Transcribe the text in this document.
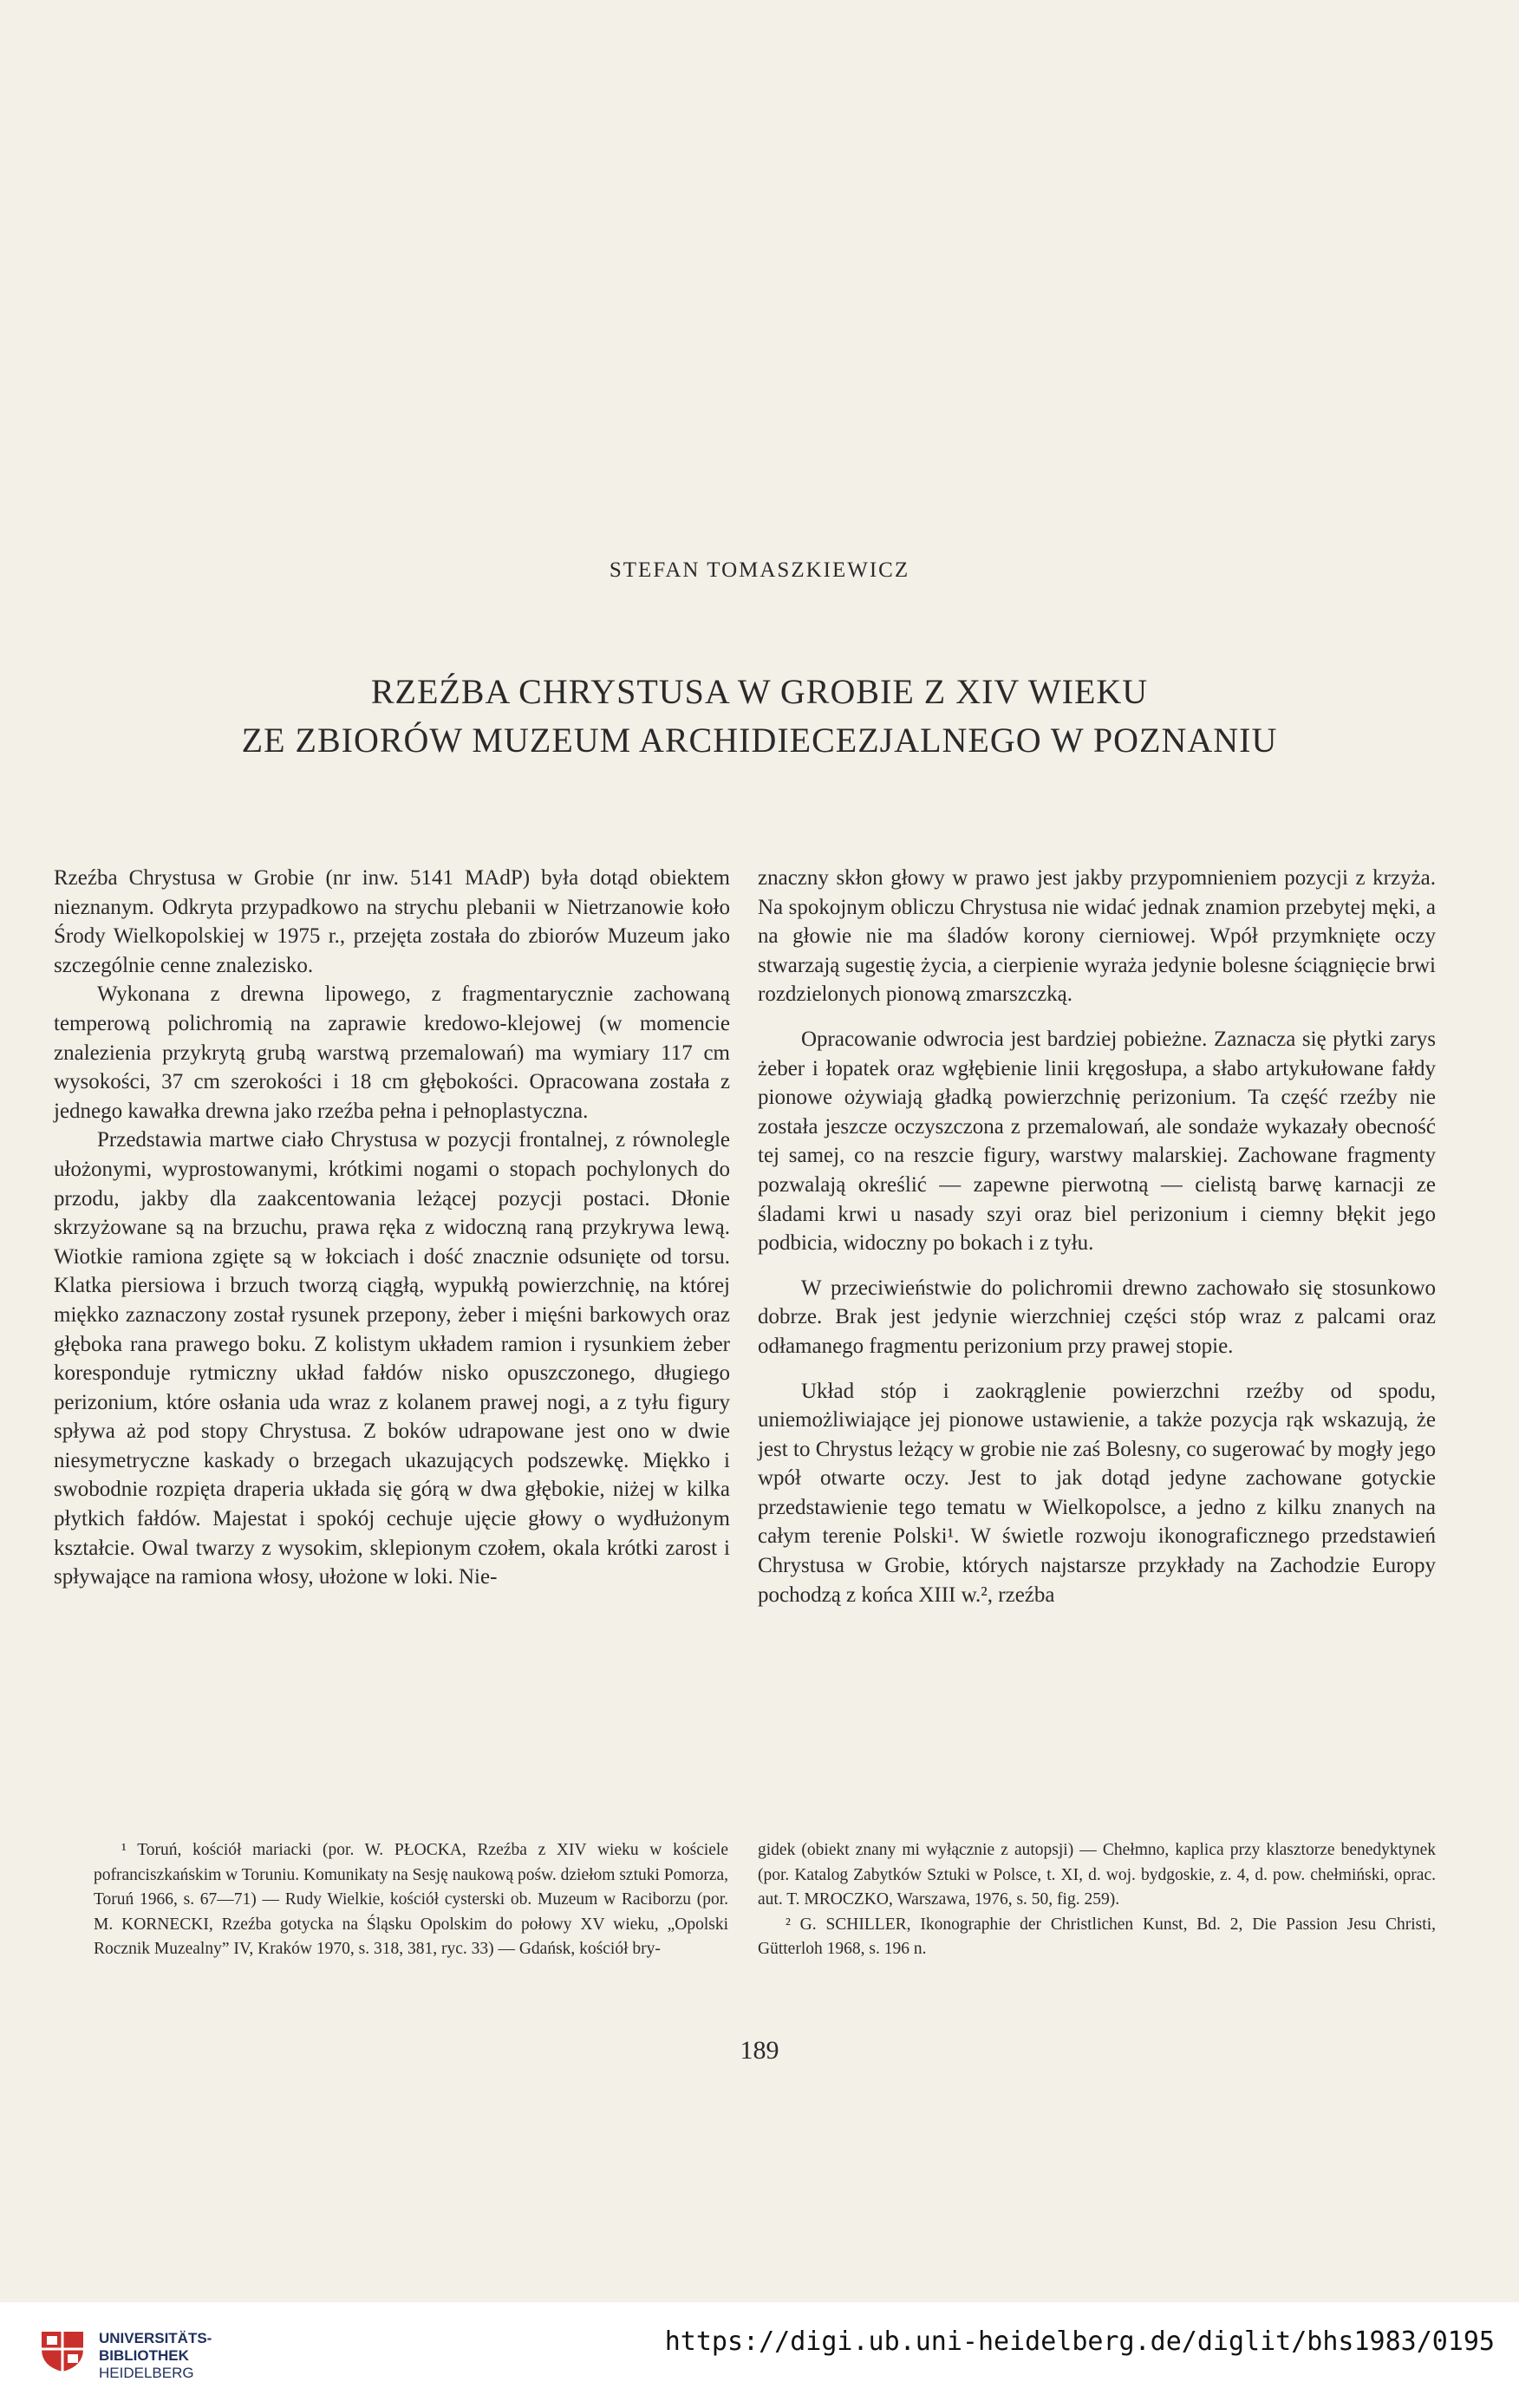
STEFAN TOMASZKIEWICZ
RZEŹBA CHRYSTUSA W GROBIE Z XIV WIEKU
ZE ZBIORÓW MUZEUM ARCHIDIECEZJALNEGO W POZNANIU

Rzeźba Chrystusa w Grobie (nr inw. 5141 MAdP) była dotąd obiektem nieznanym. Odkryta przypadkowo na strychu plebanii w Nietrzanowie koło Środy Wielkopolskiej w 1975 r., przejęta została do zbiorów Muzeum jako szczególnie cenne znalezisko.

Wykonana z drewna lipowego, z fragmentarycznie zachowaną temperową polichromią na zaprawie kredowo-klejowej (w momencie znalezienia przykrytą grubą warstwą przemalowań) ma wymiary 117 cm wysokości, 37 cm szerokości i 18 cm głębokości. Opracowana została z jednego kawałka drewna jako rzeźba pełna i pełnoplastyczna.

Przedstawia martwe ciało Chrystusa w pozycji frontalnej, z równolegle ułożonymi, wyprostowanymi, krótkimi nogami o stopach pochylonych do przodu, jakby dla zaakcentowania leżącej pozycji postaci. Dłonie skrzyżowane są na brzuchu, prawa ręka z widoczną raną przykrywa lewą. Wiotkie ramiona zgięte są w łokciach i dość znacznie odsunięte od torsu. Klatka piersiowa i brzuch tworzą ciągłą, wypukłą powierzchnię, na której miękko zaznaczony został rysunek przepony, żeber i mięśni barkowych oraz głęboka rana prawego boku. Z kolistym układem ramion i rysunkiem żeber koresponduje rytmiczny układ fałdów nisko opuszczonego, długiego perizonium, które osłania uda wraz z kolanem prawej nogi, a z tyłu figury spływa aż pod stopy Chrystusa. Z boków udrapowane jest ono w dwie niesymetryczne kaskady o brzegach ukazujących podszewkę. Miękko i swobodnie rozpięta draperia układa się górą w dwa głębokie, niżej w kilka płytkich fałdów. Majestat i spokój cechuje ujęcie głowy o wydłużonym kształcie. Owal twarzy z wysokim, sklepionym czołem, okala krótki zarost i spływające na ramiona włosy, ułożone w loki. Nie-

znaczny skłon głowy w prawo jest jakby przypomnieniem pozycji z krzyża. Na spokojnym obliczu Chrystusa nie widać jednak znamion przebytej męki, a na głowie nie ma śladów korony cierniowej. Wpół przymknięte oczy stwarzają sugestię życia, a cierpienie wyraża jedynie bolesne ściągnięcie brwi rozdzielonych pionową zmarszczką.

Opracowanie odwrocia jest bardziej pobieżne. Zaznacza się płytki zarys żeber i łopatek oraz wgłębienie linii kręgosłupa, a słabo artykułowane fałdy pionowe ożywiają gładką powierzchnię perizonium. Ta część rzeźby nie została jeszcze oczyszczona z przemalowań, ale sondaże wykazały obecność tej samej, co na reszcie figury, warstwy malarskiej. Zachowane fragmenty pozwalają określić — zapewne pierwotną — cielistą barwę karnacji ze śladami krwi u nasady szyi oraz biel perizonium i ciemny błękit jego podbicia, widoczny po bokach i z tyłu.

W przeciwieństwie do polichromii drewno zachowało się stosunkowo dobrze. Brak jest jedynie wierzchniej części stóp wraz z palcami oraz odłamanego fragmentu perizonium przy prawej stopie.

Układ stóp i zaokrąglenie powierzchni rzeźby od spodu, uniemożliwiające jej pionowe ustawienie, a także pozycja rąk wskazują, że jest to Chrystus leżący w grobie nie zaś Bolesny, co sugerować by mogły jego wpół otwarte oczy. Jest to jak dotąd jedyne zachowane gotyckie przedstawienie tego tematu w Wielkopolsce, a jedno z kilku znanych na całym terenie Polski¹. W świetle rozwoju ikonograficznego przedstawień Chrystusa w Grobie, których najstarsze przykłady na Zachodzie Europy pochodzą z końca XIII w.², rzeźba

¹ Toruń, kościół mariacki (por. W. PŁOCKA, Rzeźba z XIV wieku w kościele pofranciszkańskim w Toruniu. Komunikaty na Sesję naukową pośw. dziełom sztuki Pomorza, Toruń 1966, s. 67—71) — Rudy Wielkie, kościół cysterski ob. Muzeum w Raciborzu (por. M. KORNECKI, Rzeźba gotycka na Śląsku Opolskim do połowy XV wieku, „Opolski Rocznik Muzealny” IV, Kraków 1970, s. 318, 381, ryc. 33) — Gdańsk, kościół bry-

gidek (obiekt znany mi wyłącznie z autopsji) — Chełmno, kaplica przy klasztorze benedyktynek (por. Katalog Zabytków Sztuki w Polsce, t. XI, d. woj. bydgoskie, z. 4, d. pow. chełmiński, oprac. aut. T. MROCZKO, Warszawa, 1976, s. 50, fig. 259).

² G. SCHILLER, Ikonographie der Christlichen Kunst, Bd. 2, Die Passion Jesu Christi, Gütterloh 1968, s. 196 n.

189
UNIVERSITÄTS-
BIBLIOTHEK
HEIDELBERG
https://digi.ub.uni-heidelberg.de/diglit/bhs1983/0195
